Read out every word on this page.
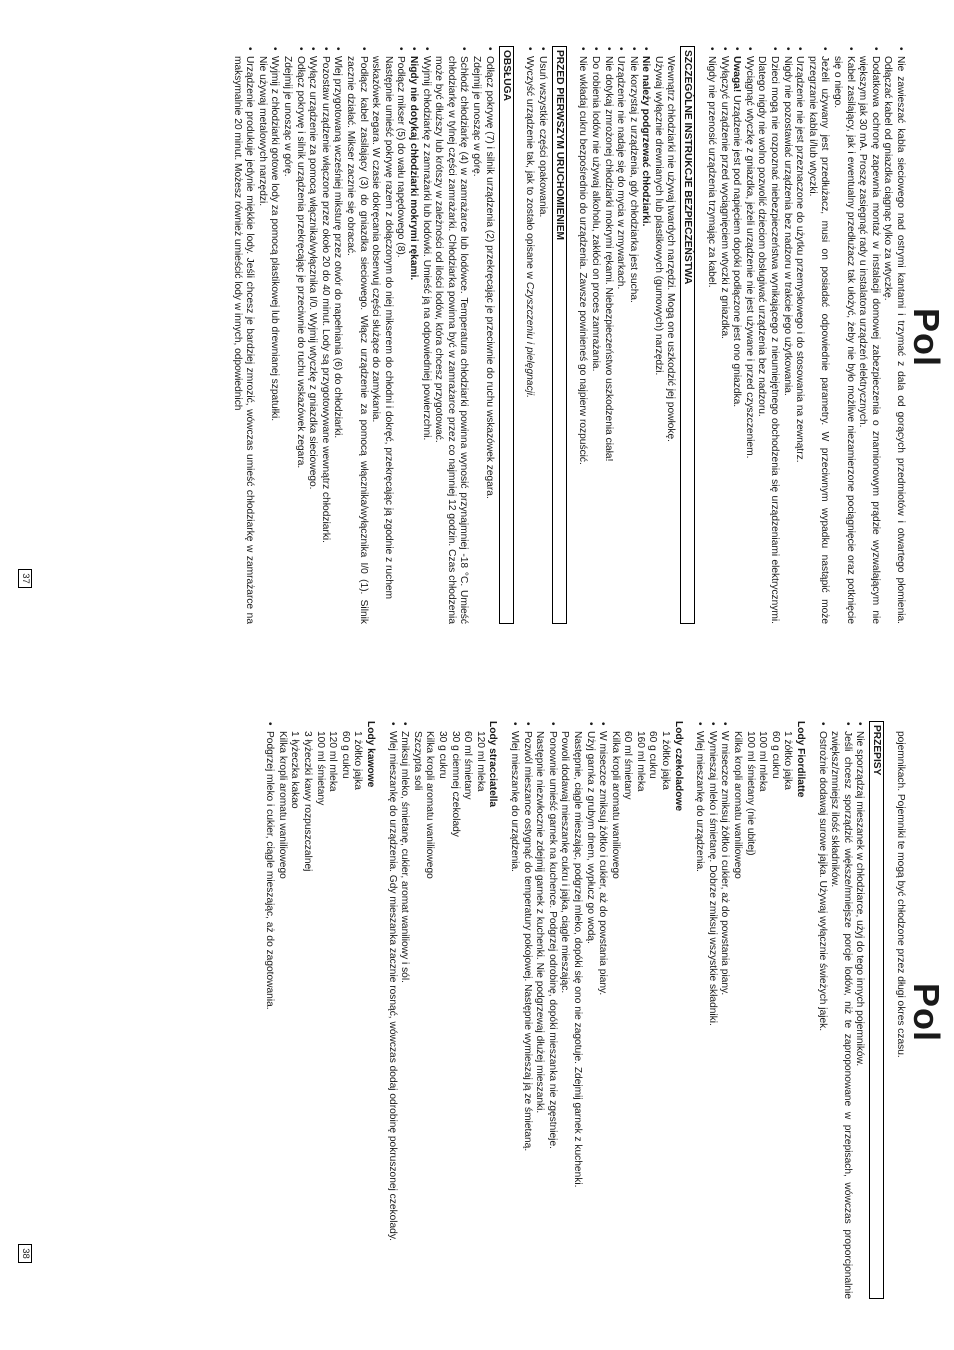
Pol
• Nie zawieszać kabla sieciowego nad ostrymi kantami i trzymać z dala od gorących przedmiotów i otwartego płomienia. Odłączać kabel od gniazdka ciągnąc tylko za wtyczkę.
• Dodatkowa ochronę zapewnia montaż w instalacji domowej zabezpieczenia o znamionowym prądzie wyzwalającym nie większym jak 30 mA. Proszę zasięgnąć rady u instalatora urządzeń elektrycznych.
• Kabel zasilający, jak i ewentualny przedłużacz tak ułożyć, żeby nie było możliwe niezamierzone pociągnięcie oraz potknięcie się o niego.
• Jeżeli używany jest przedłużacz, musi on posiadać odpowiednie parametry. W przeciwnym wypadku nastąpić może przegrzanie kabla i/lub wtyczki.
• Urządzenie nie jest przeznaczone do użytku przemysłowego i do stosowania na zewnątrz.
• Nigdy nie pozostawiać urządzenia bez nadzoru w trakcie jego użytkowania.
• Dzieci mogą nie rozpoznać niebezpieczeństwa wynikającego z nieumiejętnego obchodzenia się urządzeniami elektrycznymi. Dlatego nigdy nie wolno pozwolić dzieciom obsługiwać urządzenia bez nadzoru.
• Wyciągnąć wtyczkę z gniazdka, jeżeli urządzenie nie jest używane i przed czyszczeniem.
• Uwaga! Urządzenie jest pod napięciem dopóki podłączone jest ono gniazdka.
• Wyłączyć urządzenie przed wyciągnięciem wtyczki z gniazdka.
• Nigdy nie przenosić urządzenia trzymając za kabel.
SZCZEGÓLNE INSTRUKCJE BEZPIECZEŃSTWA

Wewnątrz chłodziarki nie używaj twardych narzędzi. Mogą one uszkodzić jej powłokę.

Używaj wyłącznie drewnianych lub plastikowych (gumowych) narzędzi.

• Nie należy podgrzewać chłodziarki.
• Nie korzystaj z urządzenia, gdy chłodziarka jest sucha.
• Urządzenie nie nadaje się do mycia w zmywarkach.
• Nie dotykaj zmrożonej chłodziarki mokrymi rękami. Niebezpieczeństwo uszkodzenia ciała!
• Do robienia lodów nie używaj alkoholu, zakłóci on proces zamrażania.
• Nie wkładaj cukru bezpośrednio do urządzenia. Zawsze powinieneś go najpierw rozpuścić.
PRZED PIERWSZYM URUCHOMIENIEM
• Usuń wszystkie części opakowania.
• Wyczyść urządzenie tak, jak to zostało opisane w Czyszczeniu i pielęgnacji.
OBSŁUGA
• Odłącz pokrywę (7) i silnik urządzenia (2) przekręcając je przeciwnie do ruchu wskazówek zegara.

Zdejmij je unosząc w górę.

• Schłodź chłodziarkę (4) w zamrażarce lub lodówce. Temperatura chłodziarki powinna wynosić przynajmniej -18 °C. Umieść chłodziarkę w tylnej części zamrażarki. Chłodziarka powinna być w zamrażarce przez co najmniej 12 godzin. Czas chłodzenia może być dłuższy lub krótszy w zależności od ilości lodów, która chcesz przygotować.
• Wyjmij chłodziarkę z zamrażarki lub lodówki. Umieść ją na odpowiedniej powierzchni.
• Nigdy nie dotykaj chłodziarki mokrymi rękami.
• Podłącz mikser (5) do wału napędowego (8).

Następnie umieść pokrywę razem z dołączonym do niej mikserem do chłodni i dokręć, przekręcając ją zgodnie z ruchem wskazówek zegara. W czasie dokręcania obserwuj części służące do zamykania.

• Podłącz kabel zasilający (3) do gniazdka sieciowego. Włącz urządzenie za pomocą włącznika/wyłącznika I/0 (1). Silnik zacznie działać. Mikser zacznie się obracać.
• Wlej przygotowaną wcześniej miksturę przez otwór do napełniania (6) do chłodziarki.
• Pozostaw urządzenie włączone przez około 20 do 40 minut. Lody są przygotowywane wewnątrz chłodziarki.
• Wyłącz urządzenie za pomocą włącznika/wyłącznika I/0. Wyjmij wtyczkę z gniazdka sieciowego.
• Odłącz pokrywę i silnik urządzenia przekręcając je przeciwnie do ruchu wskazówek zegara.

Zdejmij je unosząc w górę.

• Wyjmij z chłodziarki gotowe lody za pomocą plastikowej lub drewnianej szpatułki.

Nie używaj metalowych narzędzi.

• Urządzenie produkuje jedynie miękkie lody. Jeśli chcesz je bardziej zmrozić, wówczas umieść chłodziarkę w zamrażarce na maksymalnie 20 minut. Możesz również umieścić lody w innych, odpowiednich
37
Pol

pojemnikach. Pojemniki te mogą być chłodzone przez długi okres czasu.

PRZEPISY
• Nie sporządzaj mieszanek w chłodziarce, użyj do tego innych pojemników.
• Jeśli chcesz sporządzić większe/mniejsze porcje lodów, niż te zaproponowane w przepisach, wówczas proporcjonalnie zwiększ/zmniejsz ilość składników.
• Ostrożnie dodawaj surowe jajka. Używaj wyłącznie świeżych jajek.
Lody Fiordilatte
1 żółtko jajka
60 g cukru
100 ml mleka
100 ml śmietany (nie ubitej)
Kilka kropli aromatu waniliowego
• W miseczce zmiksuj żółtko i cukier, aż do powstania piany.
• Wymieszaj mleko i śmietanę. Dobrze zmiksuj wszystkie składniki.
• Wlej mieszankę do urządzenia.
Lody czekoladowe
1 żółtko jajka
60 g cukru
160 ml mleka
60 ml śmietany
Kilka kropli aromatu waniliowego
• W miseczce zmiksuj żółtko i cukier, aż do powstania piany.
• Użyj garnka z grubym dnem, wypłucz go wodą.

Następnie, ciągle mieszając, podgrzej mleko, dopóki się ono nie zagotuje. Zdejmij garnek z kuchenki.

Powoli dodawaj mieszankę cukru i jajka, ciągle mieszając.

• Ponownie umieść garnek na kuchence. Podgrzej odrobinę, dopóki mieszanka nie zgęstnieje.

Następnie niezwłocznie zdejmij garnek z kuchenki. Nie podgrzewaj dłużej mieszanki.

• Pozwól mieszance ostygnąć do temperatury pokojowej. Następnie wymieszaj ją ze śmietaną.
• Wlej mieszankę do urządzenia.
Lody stracciatella
120 ml mleka
60 ml śmietany
30 g ciemnej czekolady
30 g cukru
Kilka kropli aromatu waniliowego
Szczypta soli
• Zmiksuj mleko, śmietanę, cukier, aromat waniliowy i sól.
• Wlej mieszankę do urządzenia. Gdy mieszanka zacznie rosnąć, wówczas dodaj odrobinę pokruszonej czekolady.
Lody kawowe
1 żółtko jajka
60 g cukru
120 ml mleka
100 ml śmietany
3 łyżeczki kawy rozpuszczalnej
1 łyżeczka kakao
Kilka kropli aromatu waniliowego
• Podgrzej mleko i cukier, ciągle mieszając, aż do zagotowania.
38
